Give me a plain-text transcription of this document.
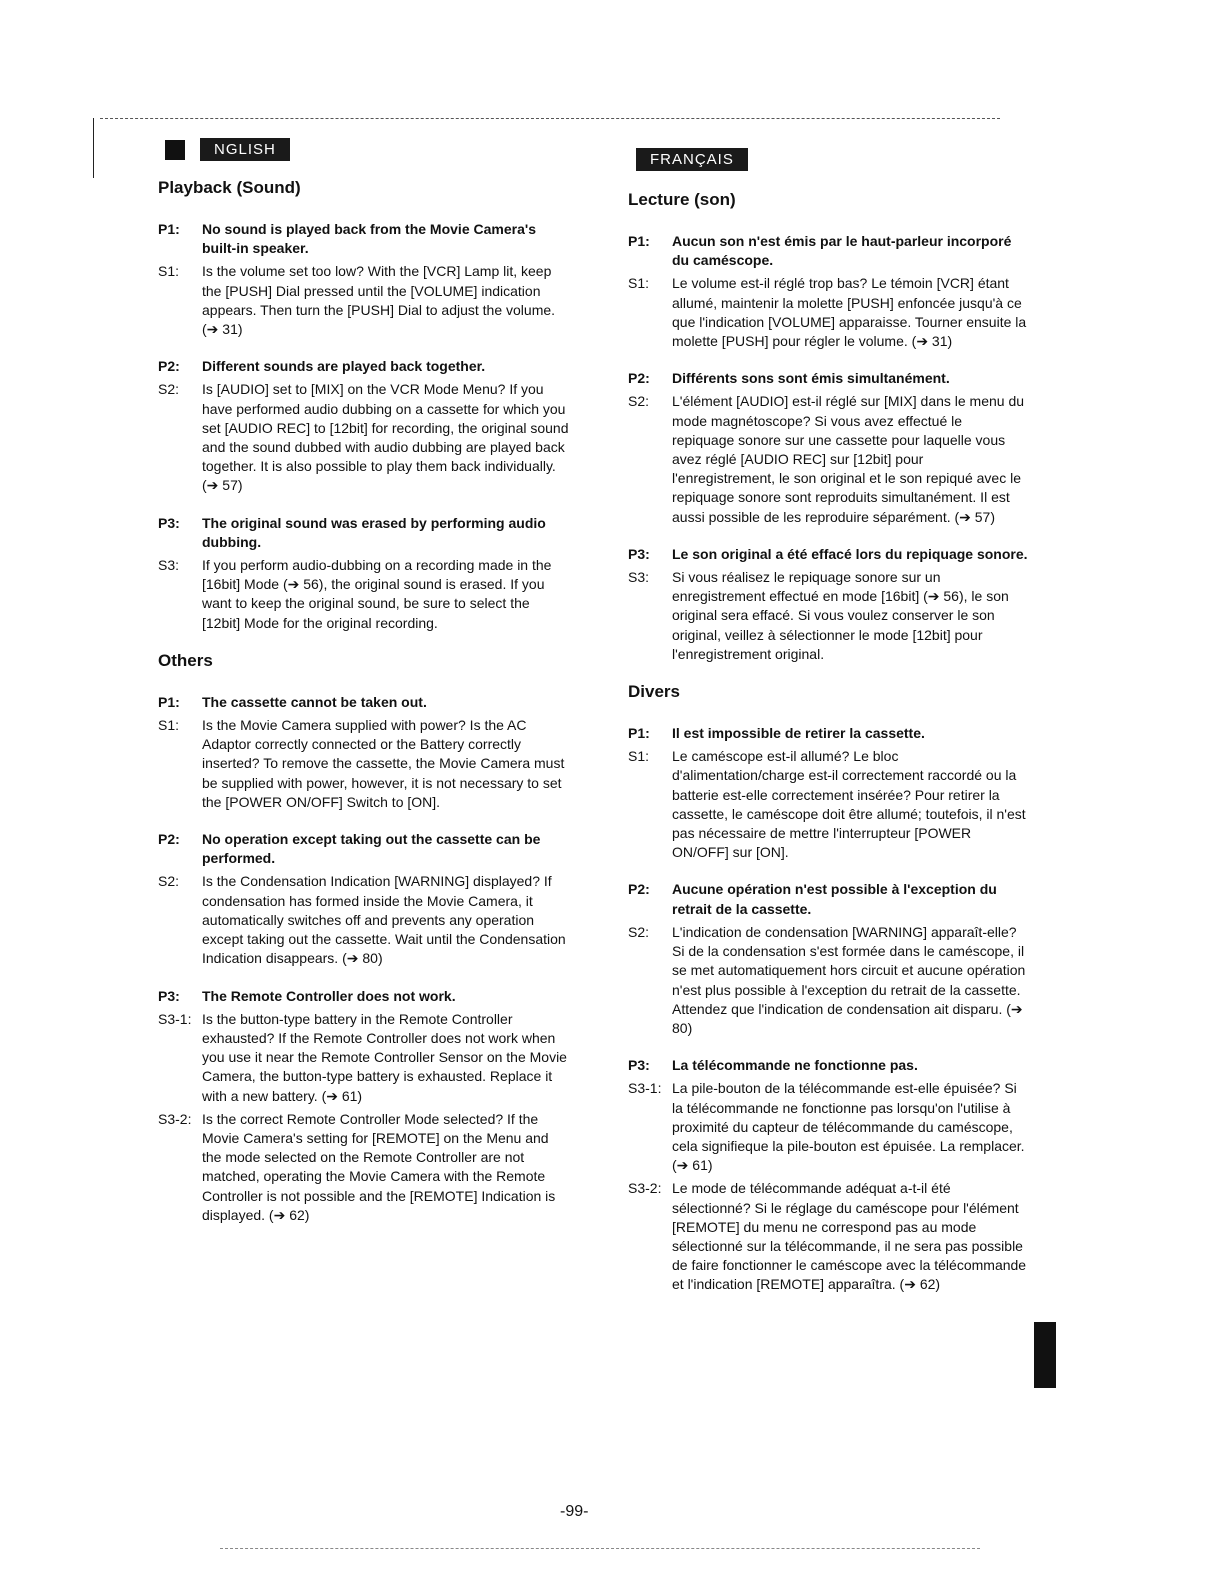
NGLISH
FRANÇAIS
Playback (Sound)
P1:	No sound is played back from the Movie Camera's built-in speaker.
S1:	Is the volume set too low? With the [VCR] Lamp lit, keep the [PUSH] Dial pressed until the [VOLUME] indication appears. Then turn the [PUSH] Dial to adjust the volume. (➔ 31)
P2:	Different sounds are played back together.
S2:	Is [AUDIO] set to [MIX] on the VCR Mode Menu? If you have performed audio dubbing on a cassette for which you set [AUDIO REC] to [12bit] for recording, the original sound and the sound dubbed with audio dubbing are played back together. It is also possible to play them back individually. (➔ 57)
P3:	The original sound was erased by performing audio dubbing.
S3:	If you perform audio-dubbing on a recording made in the [16bit] Mode (➔ 56), the original sound is erased. If you want to keep the original sound, be sure to select the [12bit] Mode for the original recording.
Others
P1:	The cassette cannot be taken out.
S1:	Is the Movie Camera supplied with power? Is the AC Adaptor correctly connected or the Battery correctly inserted? To remove the cassette, the Movie Camera must be supplied with power, however, it is not necessary to set the [POWER ON/OFF] Switch to [ON].
P2:	No operation except taking out the cassette can be performed.
S2:	Is the Condensation Indication [WARNING] displayed? If condensation has formed inside the Movie Camera, it automatically switches off and prevents any operation except taking out the cassette. Wait until the Condensation Indication disappears. (➔ 80)
P3:	The Remote Controller does not work.
S3-1: Is the button-type battery in the Remote Controller exhausted? If the Remote Controller does not work when you use it near the Remote Controller Sensor on the Movie Camera, the button-type battery is exhausted. Replace it with a new battery. (➔ 61)
S3-2: Is the correct Remote Controller Mode selected? If the Movie Camera's setting for [REMOTE] on the Menu and the mode selected on the Remote Controller are not matched, operating the Movie Camera with the Remote Controller is not possible and the [REMOTE] Indication is displayed. (➔ 62)
Lecture (son)
P1:	Aucun son n'est émis par le haut-parleur incorporé du caméscope.
S1:	Le volume est-il réglé trop bas? Le témoin [VCR] étant allumé, maintenir la molette [PUSH] enfoncée jusqu'à ce que l'indication [VOLUME] apparaisse. Tourner ensuite la molette [PUSH] pour régler le volume. (➔ 31)
P2:	Différents sons sont émis simultanément.
S2:	L'élément [AUDIO] est-il réglé sur [MIX] dans le menu du mode magnétoscope? Si vous avez effectué le repiquage sonore sur une cassette pour laquelle vous avez réglé [AUDIO REC] sur [12bit] pour l'enregistrement, le son original et le son repiqué avec le repiquage sonore sont reproduits simultanément. Il est aussi possible de les reproduire séparément. (➔ 57)
P3:	Le son original a été effacé lors du repiquage sonore.
S3:	Si vous réalisez le repiquage sonore sur un enregistrement effectué en mode [16bit] (➔ 56), le son original sera effacé. Si vous voulez conserver le son original, veillez à sélectionner le mode [12bit] pour l'enregistrement original.
Divers
P1:	Il est impossible de retirer la cassette.
S1:	Le caméscope est-il allumé? Le bloc d'alimentation/charge est-il correctement raccordé ou la batterie est-elle correctement insérée? Pour retirer la cassette, le caméscope doit être allumé; toutefois, il n'est pas nécessaire de mettre l'interrupteur [POWER ON/OFF] sur [ON].
P2:	Aucune opération n'est possible à l'exception du retrait de la cassette.
S2:	L'indication de condensation [WARNING] apparaît-elle? Si de la condensation s'est formée dans le caméscope, il se met automatiquement hors circuit et aucune opération n'est plus possible à l'exception du retrait de la cassette. Attendez que l'indication de condensation ait disparu. (➔ 80)
P3:	La télécommande ne fonctionne pas.
S3-1: La pile-bouton de la télécommande est-elle épuisée? Si la télécommande ne fonctionne pas lorsqu'on l'utilise à proximité du capteur de télécommande du caméscope, cela signifieque la pile-bouton est épuisée. La remplacer. (➔ 61)
S3-2: Le mode de télécommande adéquat a-t-il été sélectionné? Si le réglage du caméscope pour l'élément [REMOTE] du menu ne correspond pas au mode sélectionné sur la télécommande, il ne sera pas possible de faire fonctionner le caméscope avec la télécommande et l'indication [REMOTE] apparaîtra. (➔ 62)
-99-
